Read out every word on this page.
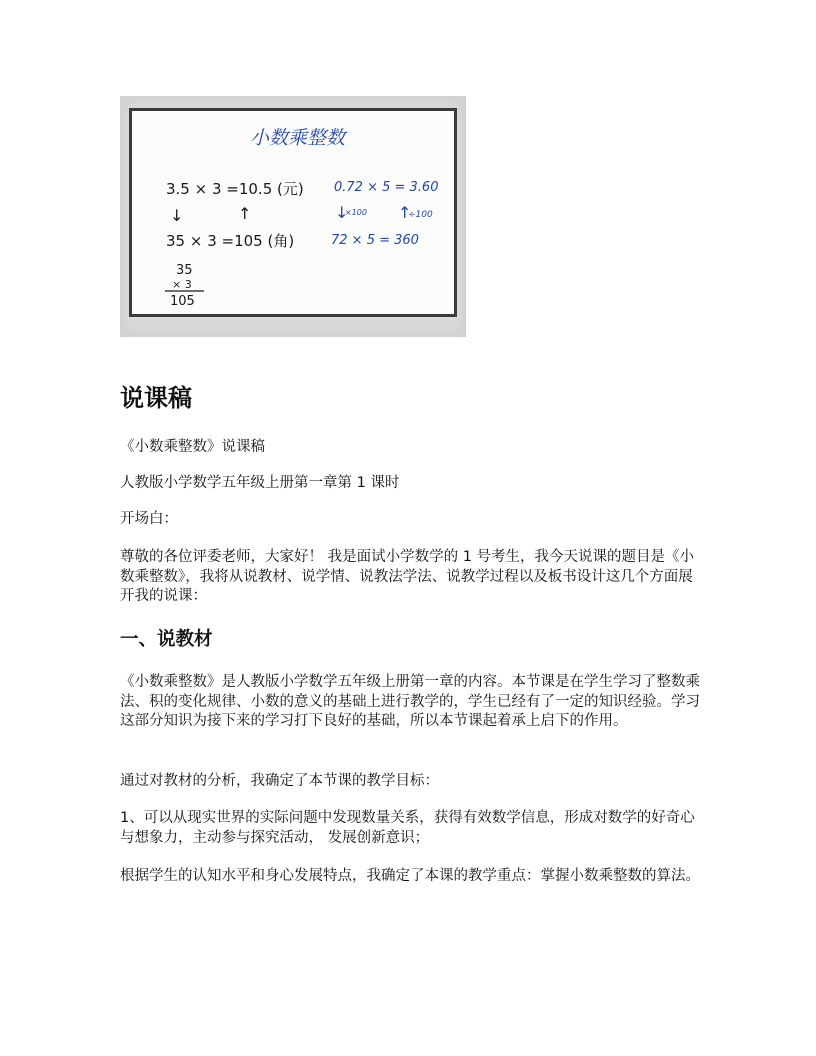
小数乘整数
3.5 × 3 =10.5 (元)
↓	↑
35 × 3 =105 (角)
35
× 3
105
0.72 × 5 = 3.60
↓
×100 ↑
÷100
72 × 5 = 360
说课稿

《小数乘整数》说课稿

人教版小学数学五年级上册第一章第 1 课时

开场白：

尊敬的各位评委老师，大家好！ 我是面试小学数学的 1 号考生，我今天说课的题目是《小数乘整数》，我将从说教材、说学情、说教法学法、说教学过程以及板书设计这几个方面展开我的说课：

一、说教材

《小数乘整数》是人教版小学数学五年级上册第一章的内容。本节课是在学生学习了整数乘法、积的变化规律、小数的意义的基础上进行教学的，学生已经有了一定的知识经验。学习这部分知识为接下来的学习打下良好的基础，所以本节课起着承上启下的作用。

通过对教材的分析，我确定了本节课的教学目标：

1、可以从现实世界的实际问题中发现数量关系，获得有效数学信息，形成对数学的好奇心与想象力，主动参与探究活动， 发展创新意识；

根据学生的认知水平和身心发展特点，我确定了本课的教学重点：掌握小数乘整数的算法。
